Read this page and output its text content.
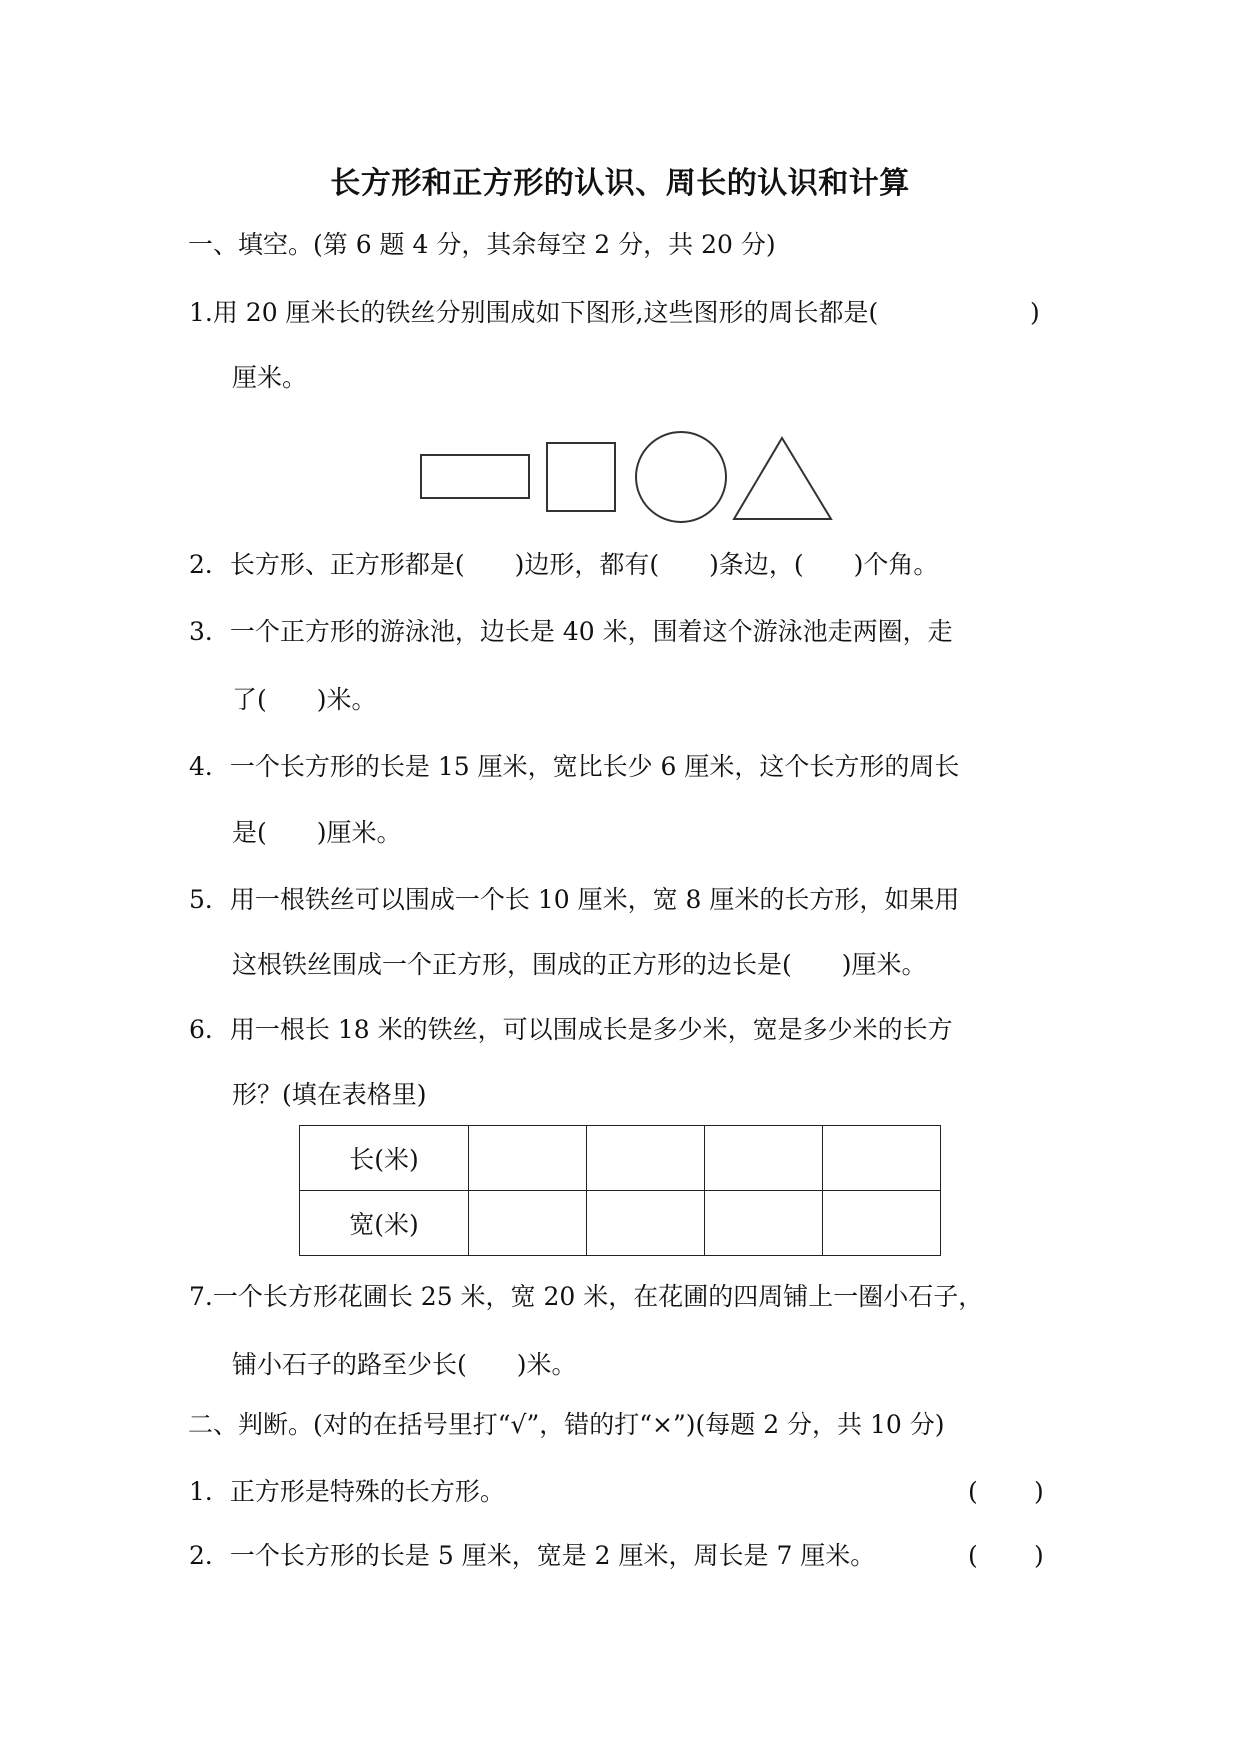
长方形和正方形的认识、周长的认识和计算
一、填空。(第 6 题 4 分，其余每空 2 分，共 20 分)
1.用 20 厘米长的铁丝分别围成如下图形,这些图形的周长都是(	)
厘米。
2．长方形、正方形都是(　　)边形，都有(　　)条边，(　　)个角。
3．一个正方形的游泳池，边长是 40 米，围着这个游泳池走两圈，走
了(　　)米。
4．一个长方形的长是 15 厘米，宽比长少 6 厘米，这个长方形的周长
是(　　)厘米。
5．用一根铁丝可以围成一个长 10 厘米，宽 8 厘米的长方形，如果用
这根铁丝围成一个正方形，围成的正方形的边长是(　　)厘米。
6．用一根长 18 米的铁丝，可以围成长是多少米，宽是多少米的长方
形？(填在表格里)
长(米)				
宽(米)				
7.一个长方形花圃长 25 米，宽 20 米，在花圃的四周铺上一圈小石子，
铺小石子的路至少长(　　)米。
二、判断。(对的在括号里打“√”，错的打“×”)(每题 2 分，共 10 分)
1．正方形是特殊的长方形。	( )
2．一个长方形的长是 5 厘米，宽是 2 厘米，周长是 7 厘米。	( )
